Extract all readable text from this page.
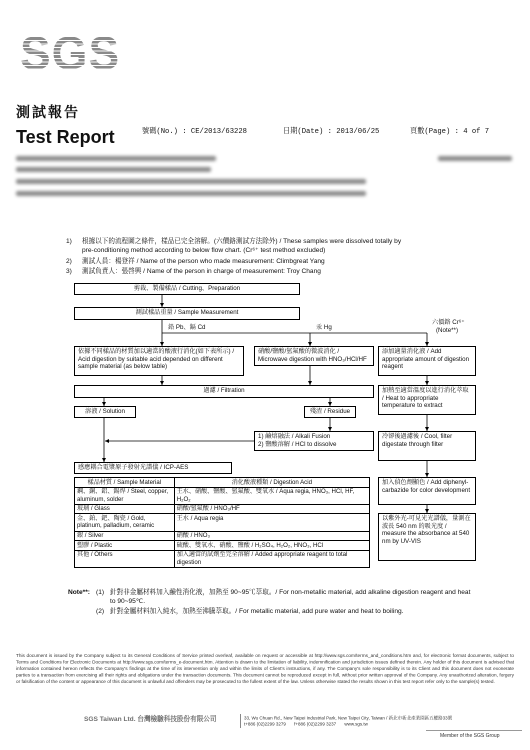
SGS
測試報告
Test Report	號碼(No.) : CE/2013/63228	日期(Date) : 2013/06/25	頁數(Page) : 4 of 7
1) 根據以下的流程圖之條件，樣品已完全溶解。(六價鉻測試方法除外) / These samples were dissolved totally by pre-conditioning method according to below flow chart. (Cr⁶⁺ test method excluded)
2) 測試人員：楊登祥 / Name of the person who made measurement: Climbgreat Yang
3) 測試負責人：張啓興 / Name of the person in charge of measurement: Troy Chang
剪裁、製備樣品 / Cutting、Preparation
測試樣品重量 / Sample Measurement
鉛 Pb、鎘 Cd	汞 Hg
六價鉻 Cr⁶⁺
(Note**)
依據不同樣品的材質加以適當的酸液行消化(如下表所示) / Acid digestion by suitable acid depended on different sample material (as below table)
硝酸/鹽酸/氫氟酸的微波消化 / Microwave digestion with HNO₃/HCl/HF
添加適量消化液 / Add appropriate amount of digestion reagent
加熱至適當溫度以進行消化萃取 / Heat to appropriate temperature to extract
冷卻後過濾後 / Cool, filter digestate through filter
加入偵色劑顯色 / Add diphenyl-carbazide for color development
以紫外光-可見光光譜儀，量測在波長 540 nm 的吸光度 / measure the absorbance at 540 nm by UV-VIS
過濾 / Filtration
溶液 / Solution	殘渣 / Residue
1) 鹼熔融法 / Alkali Fusion
2) 鹽酸溶解 / HCl to dissolve
感應耦合電漿原子發射光譜儀 / ICP-AES
樣品材質 / Sample Material	消化酸液種類 / Digestion Acid
鋼、銅、鋁、錫焊 / Steel, copper, aluminum, solder	王水、硝酸、鹽酸、氫氟酸、雙氧水 / Aqua regia, HNO₃, HCl, HF, H₂O₂
玻璃 / Glass	硝酸/氫氟酸 / HNO₃/HF
金、鉑、鈀、陶瓷 / Gold, platinum, palladium, ceramic	王水 / Aqua regia
銀 / Silver	硝酸 / HNO₃
塑膠 / Plastic	硫酸、雙氧水、硝酸、鹽酸 / H₂SO₄, H₂O₂, HNO₃, HCl
其他 / Others	加入適當的試劑至完全溶解 / Added appropriate reagent to total digestion
Note**: (1) 針對非金屬材料加入鹼性消化液，加熱至 90~95℃萃取。/ For non-metallic material, add alkaline digestion reagent and heat to 90~95℃.
(2) 針對金屬材料加入純水，加熱至沸騰萃取。/ For metallic material, add pure water and heat to boiling.
This document is issued by the Company subject to its General Conditions of Service printed overleaf, available on request or accessible at http://www.sgs.com/terms_and_conditions.htm and, for electronic format documents, subject to Terms and Conditions for Electronic Documents at http://www.sgs.com/terms_e-document.htm. Attention is drawn to the limitation of liability, indemnification and jurisdiction issues defined therein. Any holder of this document is advised that information contained hereon reflects the Company's findings at the time of its intervention only and within the limits of Client's instructions, if any. The Company's sole responsibility is to its Client and this document does not exonerate parties to a transaction from exercising all their rights and obligations under the transaction documents. This document cannot be reproduced except in full, without prior written approval of the Company. Any unauthorized alteration, forgery or falsification of the content or appearance of this document is unlawful and offenders may be prosecuted to the fullest extent of the law. Unless otherwise stated the results shown in this test report refer only to the sample(s) tested.
SGS Taiwan Ltd. 台灣檢驗科技股份有限公司	33, Wu Chuan Rd., New Taipei Industrial Park, New Taipei City, Taiwan / 新北市新北產業園區五權路33號
t+886 (02)2299 3279 f+886 (02)2299 3237 www.sgs.tw
Member of the SGS Group
